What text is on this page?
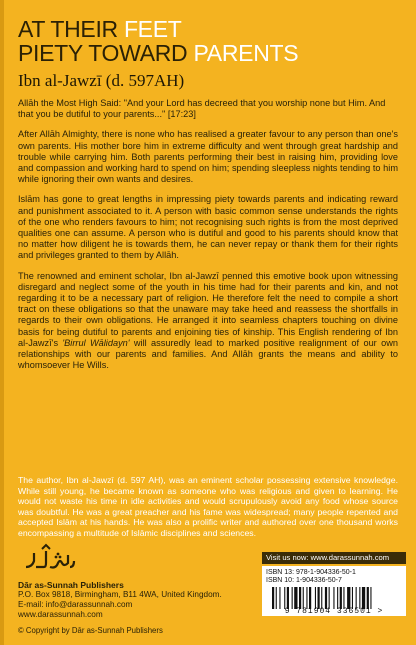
AT THEIR FEET
PIETY TOWARD PARENTS

Ibn al-Jawzī (d. 597AH)

Allāh the Most High Said: "And your Lord has decreed that you worship none but Him. And that you be dutiful to your parents..." [17:23]

After Allāh Almighty, there is none who has realised a greater favour to any person than one's own parents. His mother bore him in extreme difficulty and went through great hardship and trouble while carrying him. Both parents performing their best in raising him, providing love and compassion and working hard to spend on him; spending sleepless nights tending to him while ignoring their own wants and desires.

Islām has gone to great lengths in impressing piety towards parents and indicating reward and punishment associated to it. A person with basic common sense understands the rights of the one who renders favours to him; not recognising such rights is from the most deprived qualities one can assume. A person who is dutiful and good to his parents should know that no matter how diligent he is towards them, he can never repay or thank them for their rights and privileges granted to them by Allāh.

The renowned and eminent scholar, Ibn al-Jawzī penned this emotive book upon witnessing disregard and neglect some of the youth in his time had for their parents and kin, and not regarding it to be a necessary part of religion. He therefore felt the need to compile a short tract on these obligations so that the unaware may take heed and reassess the shortfalls in regards to their own obligations. He arranged it into seamless chapters touching on divine basis for being dutiful to parents and enjoining ties of kinship. This English rendering of Ibn al-Jawzī's 'Birrul Wālidayn' will assuredly lead to marked positive realignment of our own relationships with our parents and families. And Allāh grants the means and ability to whomsoever He Wills.

The author, Ibn al-Jawzī (d. 597 AH), was an eminent scholar possessing extensive knowledge. While still young, he became known as someone who was religious and given to learning. He would not waste his time in idle activities and would scrupulously avoid any food whose source was doubtful. He was a great preacher and his fame was widespread; many people repented and accepted Islām at his hands. He was also a prolific writer and authored over one thousand works encompassing a multitude of Islāmic disciplines and sciences.

Dār as-Sunnah Publishers
P.O. Box 9818, Birmingham, B11 4WA, United Kingdom.
E-mail: info@darassunnah.com
www.darassunnah.com
© Copyright by Dār as-Sunnah Publishers
Visit us now: www.darassunnah.com
ISBN 13: 978-1-904336-50-1
ISBN 10: 1-904336-50-7
9 781904 336501 >
